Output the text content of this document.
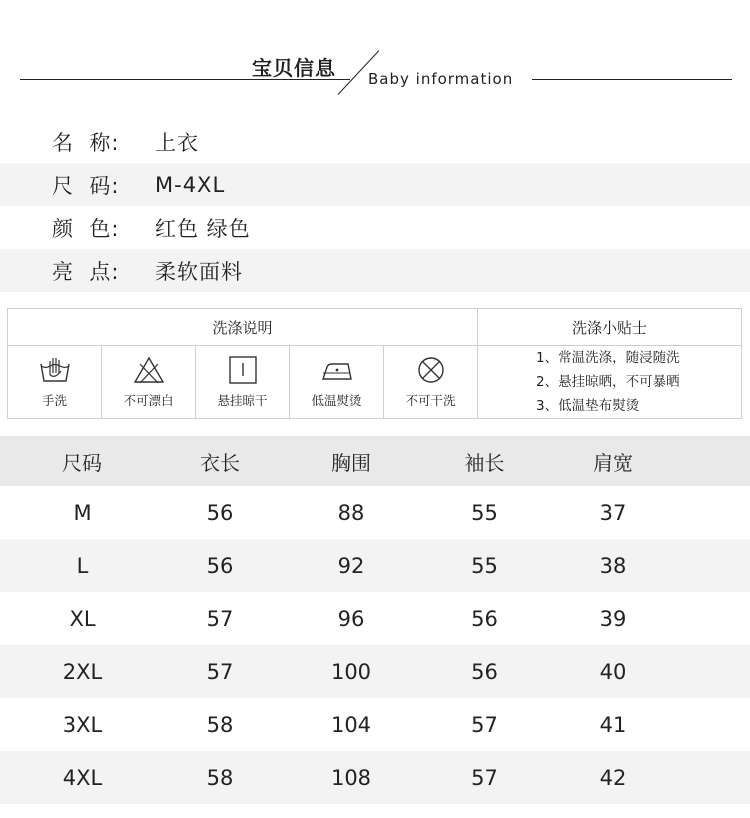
宝贝信息 Baby information
名  称:	上衣
尺  码:	M-4XL
颜  色:	红色 绿色
亮  点:	柔软面料
洗涤说明
手洗	不可漂白	悬挂晾干	低温熨烫	不可干洗
洗涤小贴士
1、常温洗涤，随浸随洗
2、悬挂晾晒，不可暴晒
3、低温垫布熨烫
尺码	衣长	胸围	袖长	肩宽
M	56	88	55	37
L	56	92	55	38
XL	57	96	56	39
2XL	57	100	56	40
3XL	58	104	57	41
4XL	58	108	57	42
